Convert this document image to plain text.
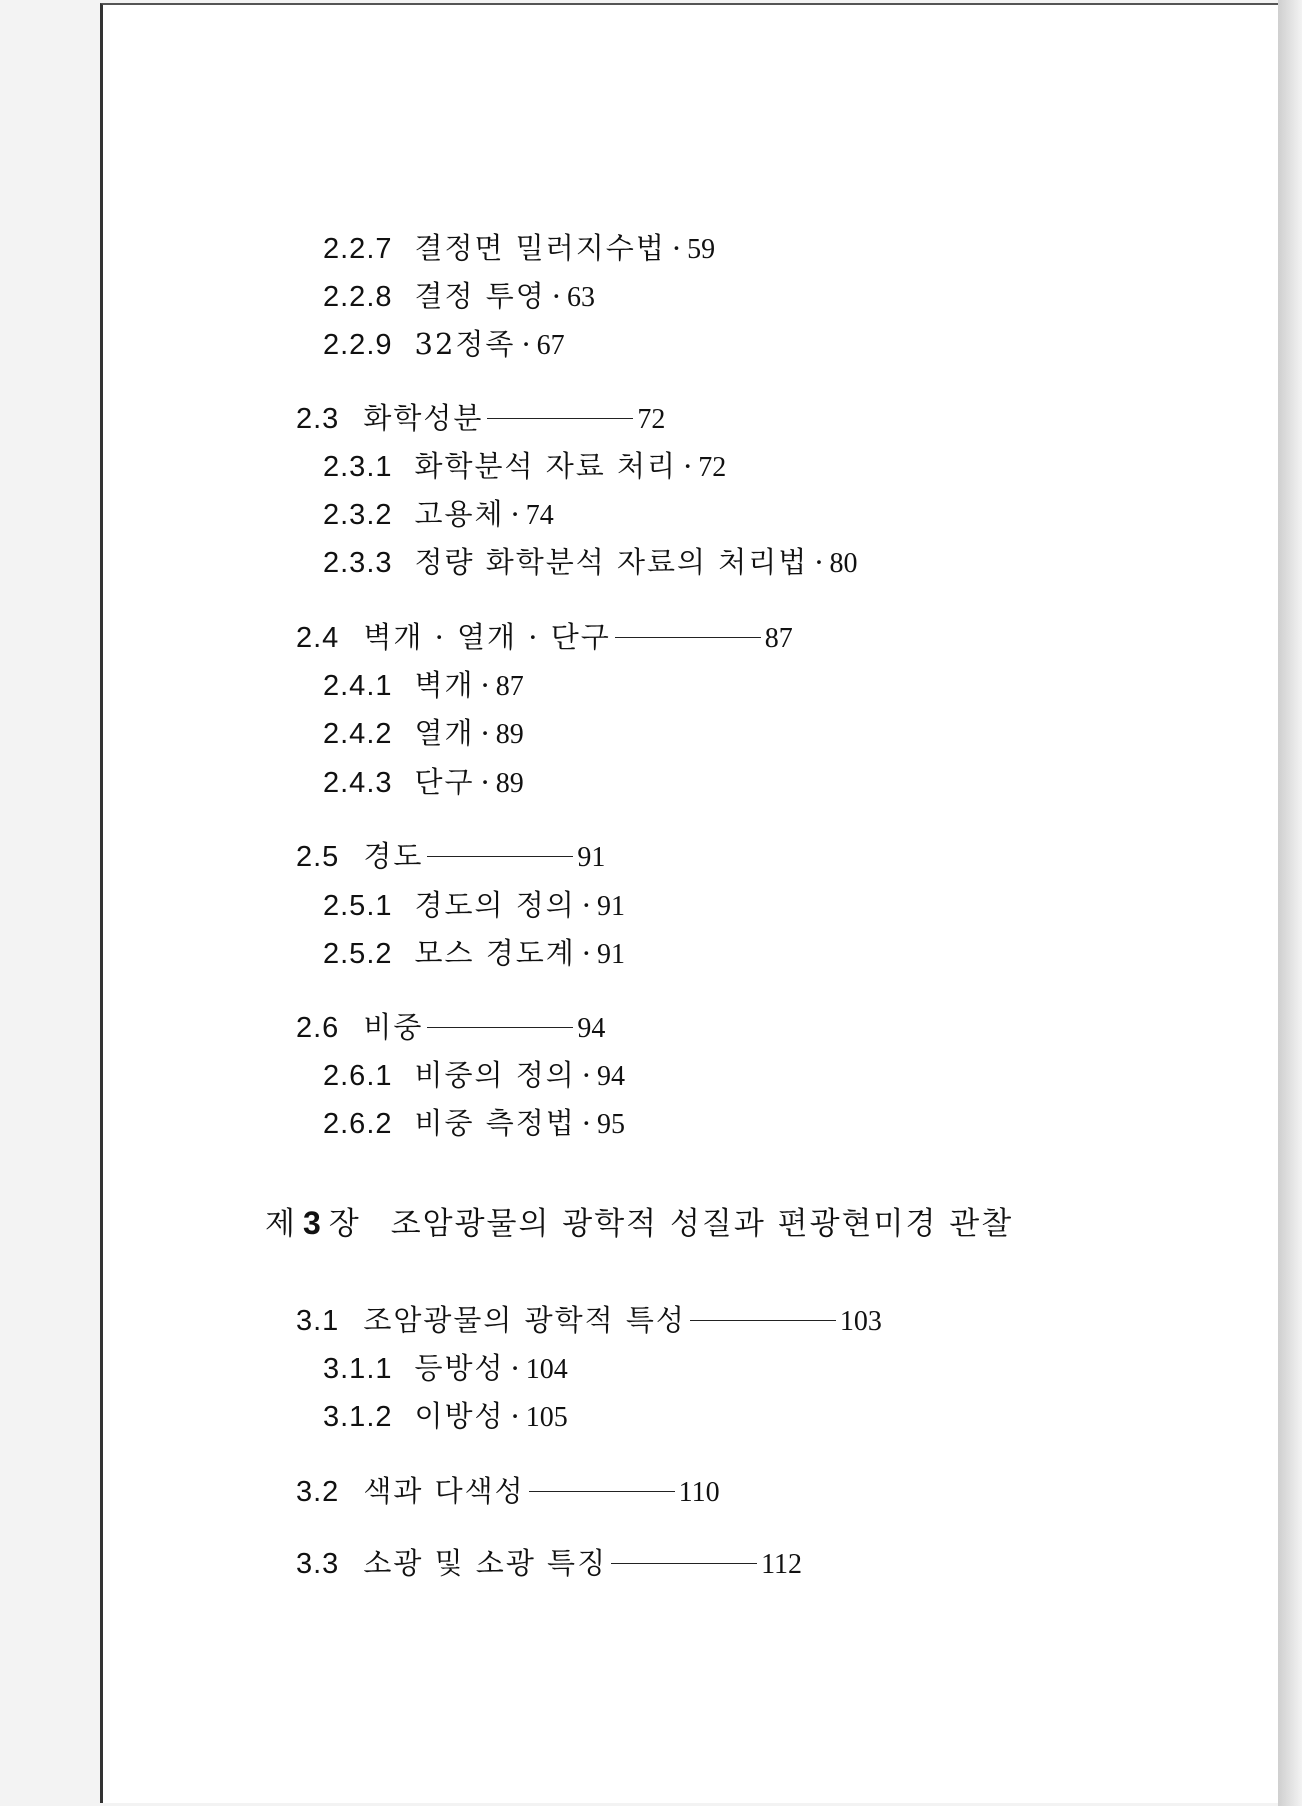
2.2.7 결정면 밀러지수법 · 59
2.2.8 결정 투영 · 63
2.2.9 32정족 · 67
2.3 화학성분	72
2.3.1 화학분석 자료 처리 · 72
2.3.2 고용체 · 74
2.3.3 정량 화학분석 자료의 처리법 · 80
2.4 벽개 · 열개 · 단구	87
2.4.1 벽개 · 87
2.4.2 열개 · 89
2.4.3 단구 · 89
2.5 경도	91
2.5.1 경도의 정의 · 91
2.5.2 모스 경도계 · 91
2.6 비중	94
2.6.1 비중의 정의 · 94
2.6.2 비중 측정법 · 95
제 3 장 조암광물의 광학적 성질과 편광현미경 관찰
3.1 조암광물의 광학적 특성	103
3.1.1 등방성 · 104
3.1.2 이방성 · 105
3.2 색과 다색성	110
3.3 소광 및 소광 특징	112
